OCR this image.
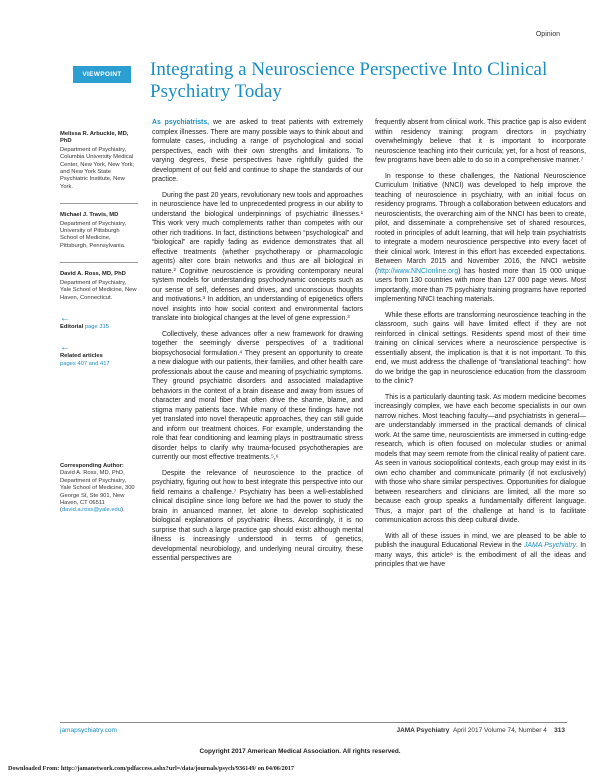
Opinion
VIEWPOINT	Integrating a Neuroscience Perspective Into Clinical Psychiatry Today
Melissa R. Arbuckle, MD, PhD
Department of Psychiatry, Columbia University Medical Center, New York, New York; and New York State Psychiatric Institute, New York.
Michael J. Travis, MD
Department of Psychiatry, University of Pittsburgh School of Medicine, Pittsburgh, Pennsylvania.
David A. Ross, MD, PhD
Department of Psychiatry, Yale School of Medicine, New Haven, Connecticut.
←
Editorial page 315
←
Related articles
pages 407 and 417
Corresponding Author:
David A. Ross, MD, PhD, Department of Psychiatry, Yale School of Medicine, 300 George St, Ste 901, New Haven, CT 06511 (david.a.ross@yale.edu).

As psychiatrists, we are asked to treat patients with extremely complex illnesses. There are many possible ways to think about and formulate cases, including a range of psychological and social perspectives, each with their own strengths and limitations. To varying degrees, these perspectives have rightfully guided the development of our field and continue to shape the standards of our practice.

During the past 20 years, revolutionary new tools and approaches in neuroscience have led to unprecedented progress in our ability to understand the biological underpinnings of psychiatric illnesses.¹ This work very much complements rather than competes with our other rich traditions. In fact, distinctions between “psychological” and “biological” are rapidly fading as evidence demonstrates that all effective treatments (whether psychotherapy or pharmacologic agents) alter core brain networks and thus are all biological in nature.² Cognitive neuroscience is providing contemporary neural system models for understanding psychodynamic concepts such as our sense of self, defenses and drives, and unconscious thoughts and motivations.³ In addition, an understanding of epigenetics offers novel insights into how social context and environmental factors translate into biological changes at the level of gene expression.³

Collectively, these advances offer a new framework for drawing together the seemingly diverse perspectives of a traditional biopsychosocial formulation.⁴ They present an opportunity to create a new dialogue with our patients, their families, and other health care professionals about the cause and meaning of psychiatric symptoms. They ground psychiatric disorders and associated maladaptive behaviors in the context of a brain disease and away from issues of character and moral fiber that often drive the shame, blame, and stigma many patients face. While many of these findings have not yet translated into novel therapeutic approaches, they can still guide and inform our treatment choices. For example, understanding the role that fear conditioning and learning plays in posttraumatic stress disorder helps to clarify why trauma-focused psychotherapies are currently our most effective treatments.⁵,⁶

Despite the relevance of neuroscience to the practice of psychiatry, figuring out how to best integrate this perspective into our field remains a challenge.⁷ Psychiatry has been a well-established clinical discipline since long before we had the power to study the brain in anuanced manner, let alone to develop sophisticated biological explanations of psychiatric illness. Accordingly, it is no surprise that such a large practice gap should exist: although mental illness is increasingly understood in terms of genetics, developmental neurobiology, and underlying neural circuitry, these essential perspectives are

frequently absent from clinical work. This practice gap is also evident within residency training: program directors in psychiatry overwhelmingly believe that it is important to incorporate neuroscience teaching into their curricula; yet, for a host of reasons, few programs have been able to do so in a comprehensive manner.⁷

In response to these challenges, the National Neuroscience Curriculum Initiative (NNCI) was developed to help improve the teaching of neuroscience in psychiatry, with an initial focus on residency programs. Through a collaboration between educators and neuroscientists, the overarching aim of the NNCI has been to create, pilot, and disseminate a comprehensive set of shared resources, rooted in principles of adult learning, that will help train psychiatrists to integrate a modern neuroscience perspective into every facet of their clinical work. Interest in this effort has exceeded expectations. Between March 2015 and November 2016, the NNCI website (http://www.NNCIonline.org) has hosted more than 15 000 unique users from 130 countries with more than 127 000 page views. Most importantly, more than 75 psychiatry training programs have reported implementing NNCI teaching materials.

While these efforts are transforming neuroscience teaching in the classroom, such gains will have limited effect if they are not reinforced in clinical settings. Residents spend most of their time training on clinical services where a neuroscience perspective is essentially absent, the implication is that it is not important. To this end, we must address the challenge of “translational teaching”: how do we bridge the gap in neuroscience education from the classroom to the clinic?

This is a particularly daunting task. As modern medicine becomes increasingly complex, we have each become specialists in our own narrow niches. Most teaching faculty—and psychiatrists in general—are understandably immersed in the practical demands of clinical work. At the same time, neuroscientists are immersed in cutting-edge research, which is often focused on molecular studies or animal models that may seem remote from the clinical reality of patient care. As seen in various sociopolitical contexts, each group may exist in its own echo chamber and communicate primarily (if not exclusively) with those who share similar perspectives. Opportunities for dialogue between researchers and clinicians are limited, all the more so because each group speaks a fundamentally different language. Thus, a major part of the challenge at hand is to facilitate communication across this deep cultural divide.

With all of these issues in mind, we are pleased to be able to publish the inaugural Educational Review in the JAMA Psychiatry. In many ways, this article⁸ is the embodiment of all the ideas and principles that we have

jamapsychiatry.com	JAMA Psychiatry April 2017 Volume 74, Number 4 313
Copyright 2017 American Medical Association. All rights reserved.
Downloaded From: http://jamanetwork.com/pdfaccess.ashx?url=/data/journals/psych/936149/ on 04/06/2017
